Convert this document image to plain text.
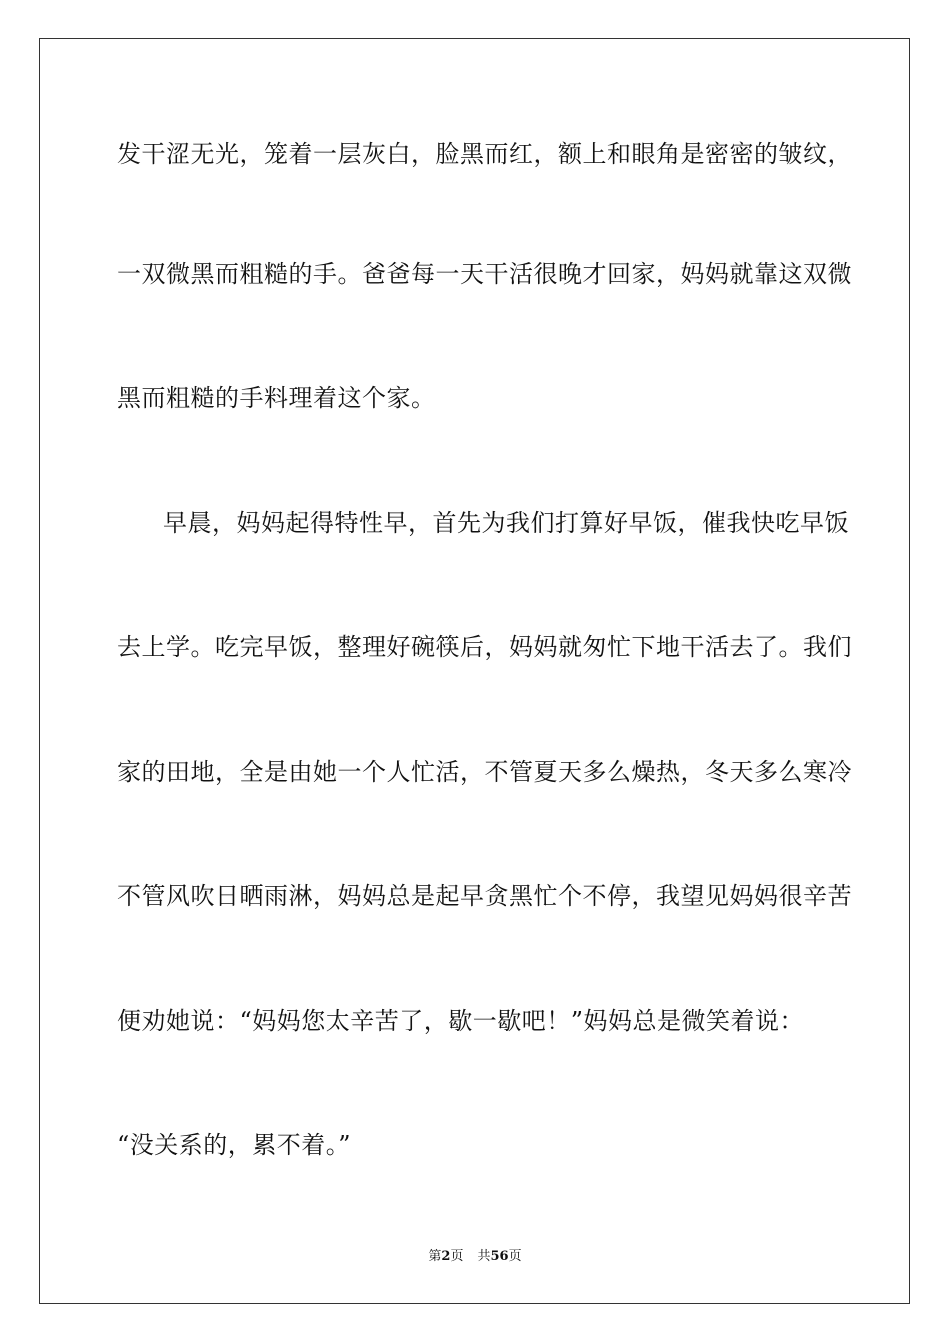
发干涩无光，笼着一层灰白，脸黑而红，额上和眼角是密密的皱纹，
一双微黑而粗糙的手。爸爸每一天干活很晚才回家，妈妈就靠这双微
黑而粗糙的手料理着这个家。
早晨，妈妈起得特性早，首先为我们打算好早饭，催我快吃早饭
去上学。吃完早饭，整理好碗筷后，妈妈就匆忙下地干活去了。我们
家的田地，全是由她一个人忙活，不管夏天多么燥热，冬天多么寒冷
不管风吹日晒雨淋，妈妈总是起早贪黑忙个不停，我望见妈妈很辛苦
便劝她说：“妈妈您太辛苦了，歇一歇吧！”妈妈总是微笑着说：
“没关系的，累不着。”
第2页 共56页
